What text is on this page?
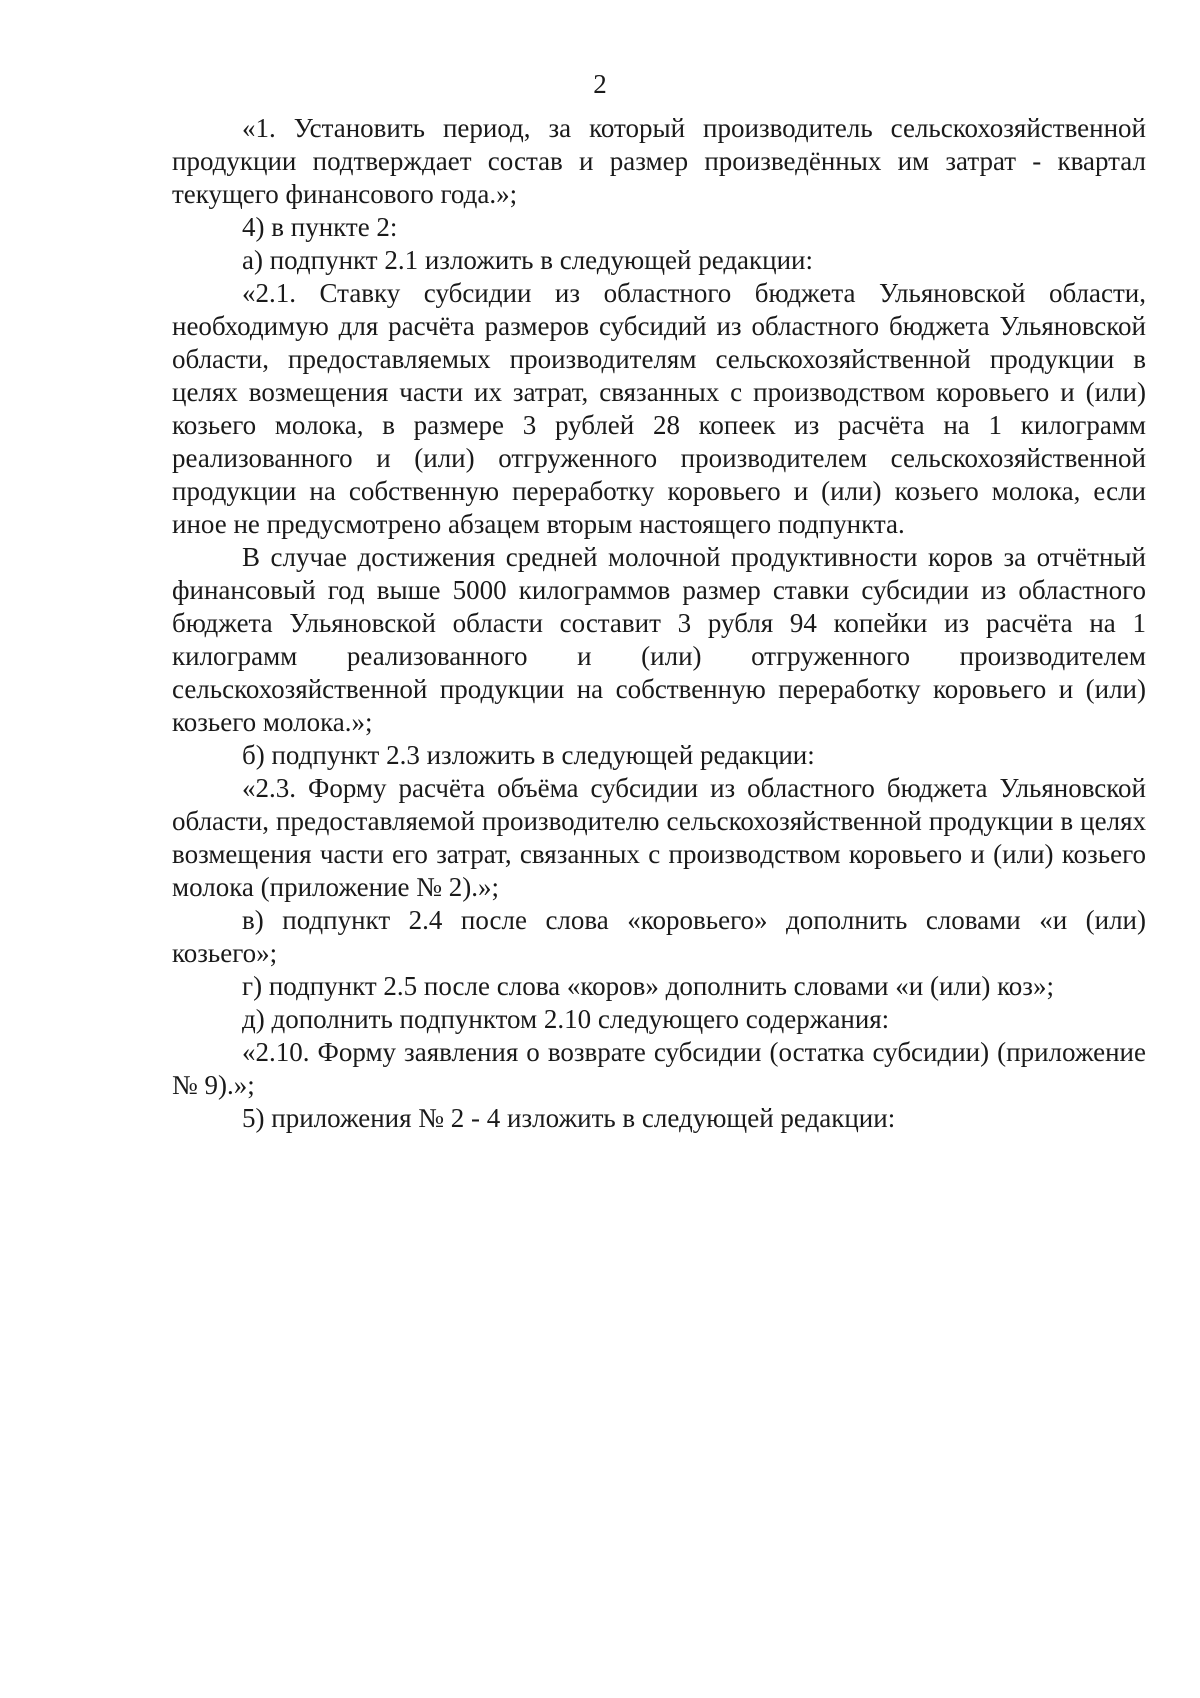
2

«1. Установить период, за который производитель сельскохозяйственной продукции подтверждает состав и размер произведённых им затрат - квартал текущего финансового года.»;

4) в пункте 2:

а) подпункт 2.1 изложить в следующей редакции:

«2.1. Ставку субсидии из областного бюджета Ульяновской области, необходимую для расчёта размеров субсидий из областного бюджета Ульяновской области, предоставляемых производителям сельскохозяйственной продукции в целях возмещения части их затрат, связанных с производством коровьего и (или) козьего молока, в размере 3 рублей 28 копеек из расчёта на 1 килограмм реализованного и (или) отгруженного производителем сельскохозяйственной продукции на собственную переработку коровьего и (или) козьего молока, если иное не предусмотрено абзацем вторым настоящего подпункта.

В случае достижения средней молочной продуктивности коров за отчётный финансовый год выше 5000 килограммов размер ставки субсидии из областного бюджета Ульяновской области составит 3 рубля 94 копейки из расчёта на 1 килограмм реализованного и (или) отгруженного производителем сельскохозяйственной продукции на собственную переработку коровьего и (или) козьего молока.»;

б) подпункт 2.3 изложить в следующей редакции:

«2.3. Форму расчёта объёма субсидии из областного бюджета Ульяновской области, предоставляемой производителю сельскохозяйственной продукции в целях возмещения части его затрат, связанных с производством коровьего и (или) козьего молока (приложение № 2).»;

в) подпункт 2.4 после слова «коровьего» дополнить словами «и (или) козьего»;

г) подпункт 2.5 после слова «коров» дополнить словами «и (или) коз»;

д) дополнить подпунктом 2.10 следующего содержания:

«2.10. Форму заявления о возврате субсидии (остатка субсидии) (приложение № 9).»;

5) приложения № 2 - 4 изложить в следующей редакции:
